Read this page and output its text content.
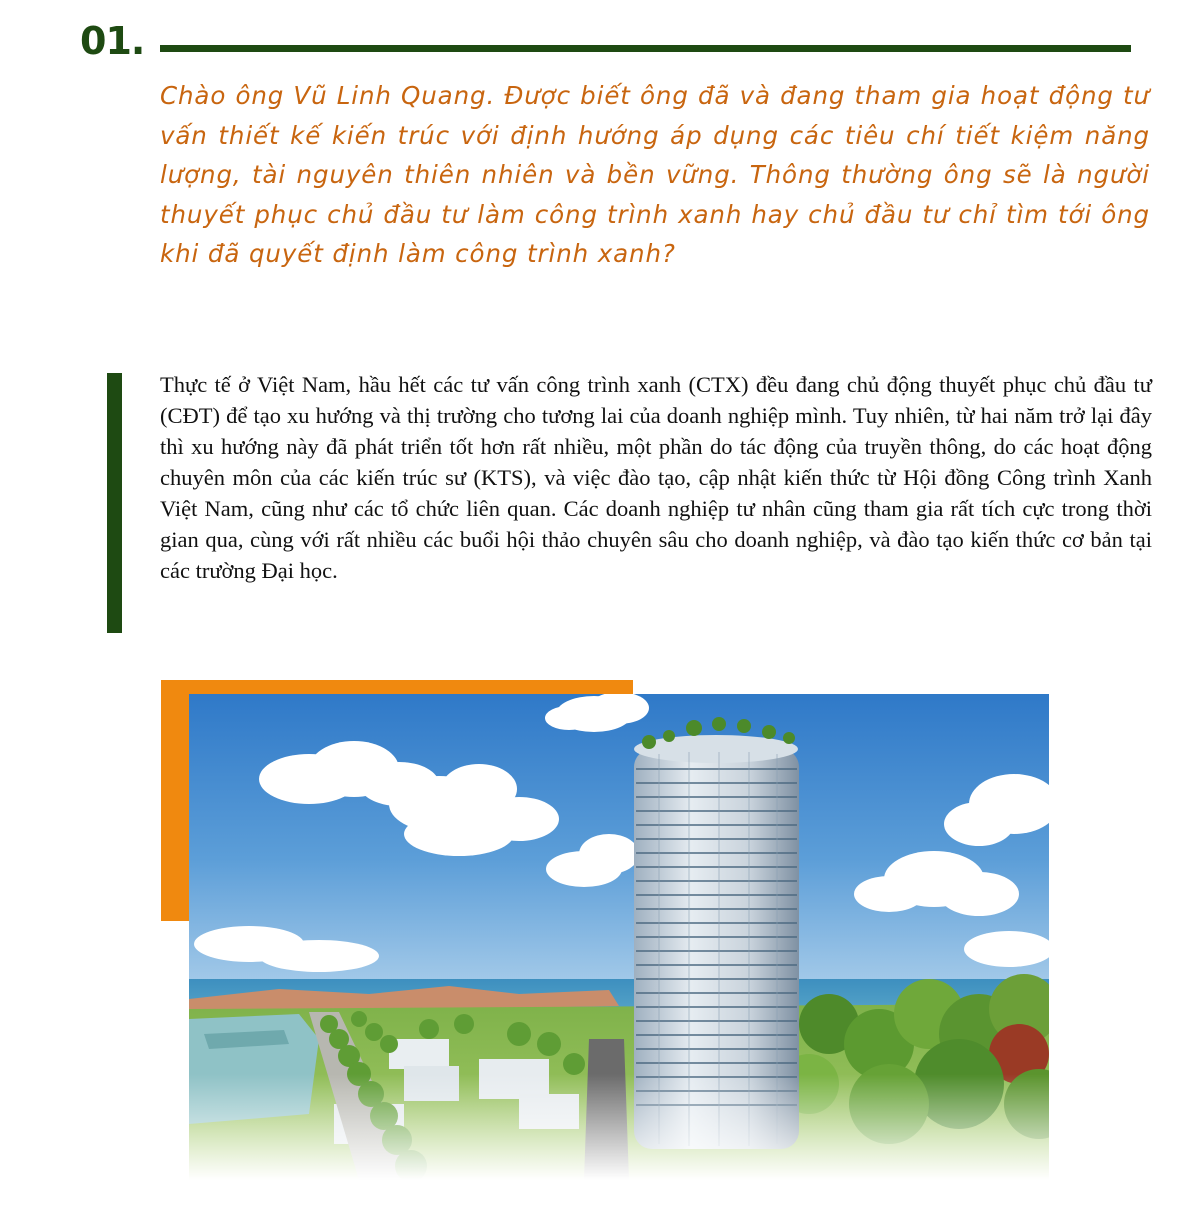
01.

Chào ông Vũ Linh Quang. Được biết ông đã và đang tham gia hoạt động tư vấn thiết kế kiến trúc với định hướng áp dụng các tiêu chí tiết kiệm năng lượng, tài nguyên thiên nhiên và bền vững. Thông thường ông sẽ là người thuyết phục chủ đầu tư làm công trình xanh hay chủ đầu tư chỉ tìm tới ông khi đã quyết định làm công trình xanh?

Thực tế ở Việt Nam, hầu hết các tư vấn công trình xanh (CTX) đều đang chủ động thuyết phục chủ đầu tư (CĐT) để tạo xu hướng và thị trường cho tương lai của doanh nghiệp mình. Tuy nhiên, từ hai năm trở lại đây thì xu hướng này đã phát triển tốt hơn rất nhiều, một phần do tác động của truyền thông, do các hoạt động chuyên môn của các kiến trúc sư (KTS), và việc đào tạo, cập nhật kiến thức từ Hội đồng Công trình Xanh Việt Nam, cũng như các tổ chức liên quan. Các doanh nghiệp tư nhân cũng tham gia rất tích cực trong thời gian qua, cùng với rất nhiều các buổi hội thảo chuyên sâu cho doanh nghiệp, và đào tạo kiến thức cơ bản tại các trường Đại học.
